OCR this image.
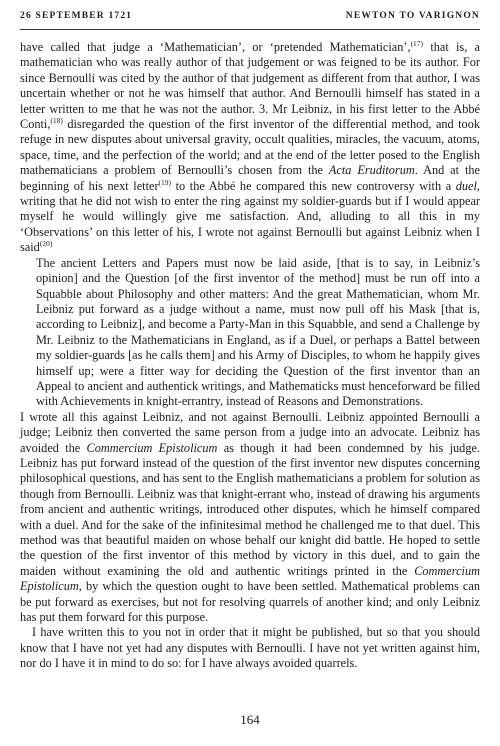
26 SEPTEMBER 1721	NEWTON TO VARIGNON

have called that judge a ‘Mathematician’, or ‘pretended Mathematician’,$^{(17)}$ that is, a mathematician who was really author of that judgement or was feigned to be its author. For since Bernoulli was cited by the author of that judgement as different from that author, I was uncertain whether or not he was himself that author. And Bernoulli himself has stated in a letter written to me that he was not the author. 3. Mr Leibniz, in his first letter to the Abbé Conti,$^{(18)}$ disregarded the question of the first inventor of the differential method, and took refuge in new disputes about universal gravity, occult qualities, miracles, the vacuum, atoms, space, time, and the perfection of the world; and at the end of the letter posed to the English mathematicians a problem of Bernoulli’s chosen from the Acta Eruditorum. And at the beginning of his next letter$^{(19)}$ to the Abbé he compared this new controversy with a duel, writing that he did not wish to enter the ring against my soldier-guards but if I would appear myself he would willingly give me satisfaction. And, alluding to all this in my ‘Observations’ on this letter of his, I wrote not against Bernoulli but against Leibniz when I said$^{(20)}$

The ancient Letters and Papers must now be laid aside, [that is to say, in Leibniz’s opinion] and the Question [of the first inventor of the method] must be run off into a Squabble about Philosophy and other matters: And the great Mathematician, whom Mr. Leibniz put forward as a judge without a name, must now pull off his Mask [that is, according to Leibniz], and become a Party-Man in this Squabble, and send a Challenge by Mr. Leibniz to the Mathematicians in England, as if a Duel, or perhaps a Battel between my soldier-guards [as he calls them] and his Army of Disciples, to whom he happily gives himself up; were a fitter way for deciding the Question of the first inventor than an Appeal to ancient and authentick writings, and Mathematicks must henceforward be filled with Achievements in knight-errantry, instead of Reasons and Demonstrations.

I wrote all this against Leibniz, and not against Bernoulli. Leibniz appointed Bernoulli a judge; Leibniz then converted the same person from a judge into an advocate. Leibniz has avoided the Commercium Epistolicum as though it had been condemned by his judge. Leibniz has put forward instead of the question of the first inventor new disputes concerning philosophical questions, and has sent to the English mathematicians a problem for solution as though from Bernoulli. Leibniz was that knight-errant who, instead of drawing his arguments from ancient and authentic writings, introduced other disputes, which he himself compared with a duel. And for the sake of the infinitesimal method he challenged me to that duel. This method was that beautiful maiden on whose behalf our knight did battle. He hoped to settle the question of the first inventor of this method by victory in this duel, and to gain the maiden without examining the old and authentic writings printed in the Commercium Epistolicum, by which the question ought to have been settled. Mathematical problems can be put forward as exercises, but not for resolving quarrels of another kind; and only Leibniz has put them forward for this purpose.

I have written this to you not in order that it might be published, but so that you should know that I have not yet had any disputes with Bernoulli. I have not yet written against him, nor do I have it in mind to do so: for I have always avoided quarrels.

164
